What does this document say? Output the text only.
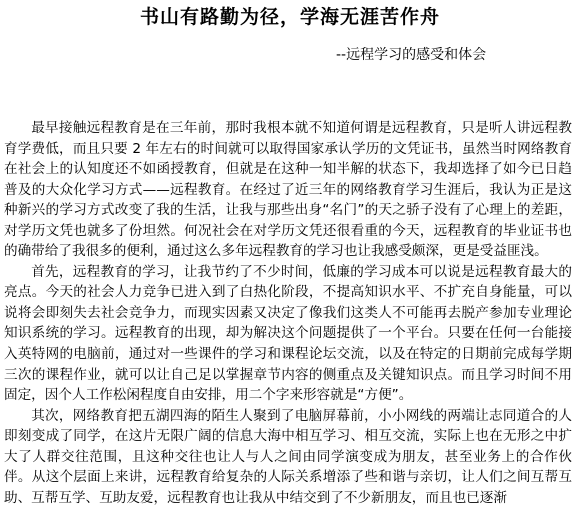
书山有路勤为径，学海无涯苦作舟

--远程学习的感受和体会

最早接触远程教育是在三年前，那时我根本就不知道何谓是远程教育，只是听人讲远程教育学费低，而且只要 2 年左右的时间就可以取得国家承认学历的文凭证书，虽然当时网络教育在社会上的认知度还不如函授教育，但就是在这种一知半解的状态下，我却选择了如今已日趋普及的大众化学习方式——远程教育。在经过了近三年的网络教育学习生涯后，我认为正是这种新兴的学习方式改变了我的生活，让我与那些出身“名门”的天之骄子没有了心理上的差距，对学历文凭也就多了份坦然。何况社会在对学历文凭还很看重的今天，远程教育的毕业证书也的确带给了我很多的便利，通过这么多年远程教育的学习也让我感受颇深，更是受益匪浅。

首先，远程教育的学习，让我节约了不少时间，低廉的学习成本可以说是远程教育最大的亮点。今天的社会人力竞争已进入到了白热化阶段，不提高知识水平、不扩充自身能量，可以说将会即刻失去社会竞争力，而现实因素又决定了像我们这类人不可能再去脱产参加专业理论知识系统的学习。远程教育的出现，却为解决这个问题提供了一个平台。只要在任何一台能接入英特网的电脑前，通过对一些课件的学习和课程论坛交流，以及在特定的日期前完成每学期三次的课程作业，就可以让自己足以掌握章节内容的侧重点及关键知识点。而且学习时间不用固定，因个人工作松闲程度自由安排，用二个字来形容就是“方便”。

其次，网络教育把五湖四海的陌生人聚到了电脑屏幕前，小小网线的两端让志同道合的人即刻变成了同学，在这片无限广阔的信息大海中相互学习、相互交流，实际上也在无形之中扩大了人群交往范围，且这种交往也让人与人之间由同学演变成为朋友，甚至业务上的合作伙伴。从这个层面上来讲，远程教育给复杂的人际关系增添了些和谐与亲切，让人们之间互帮互助、互帮互学、互助友爱，远程教育也让我从中结交到了不少新朋友，而且也已逐渐
